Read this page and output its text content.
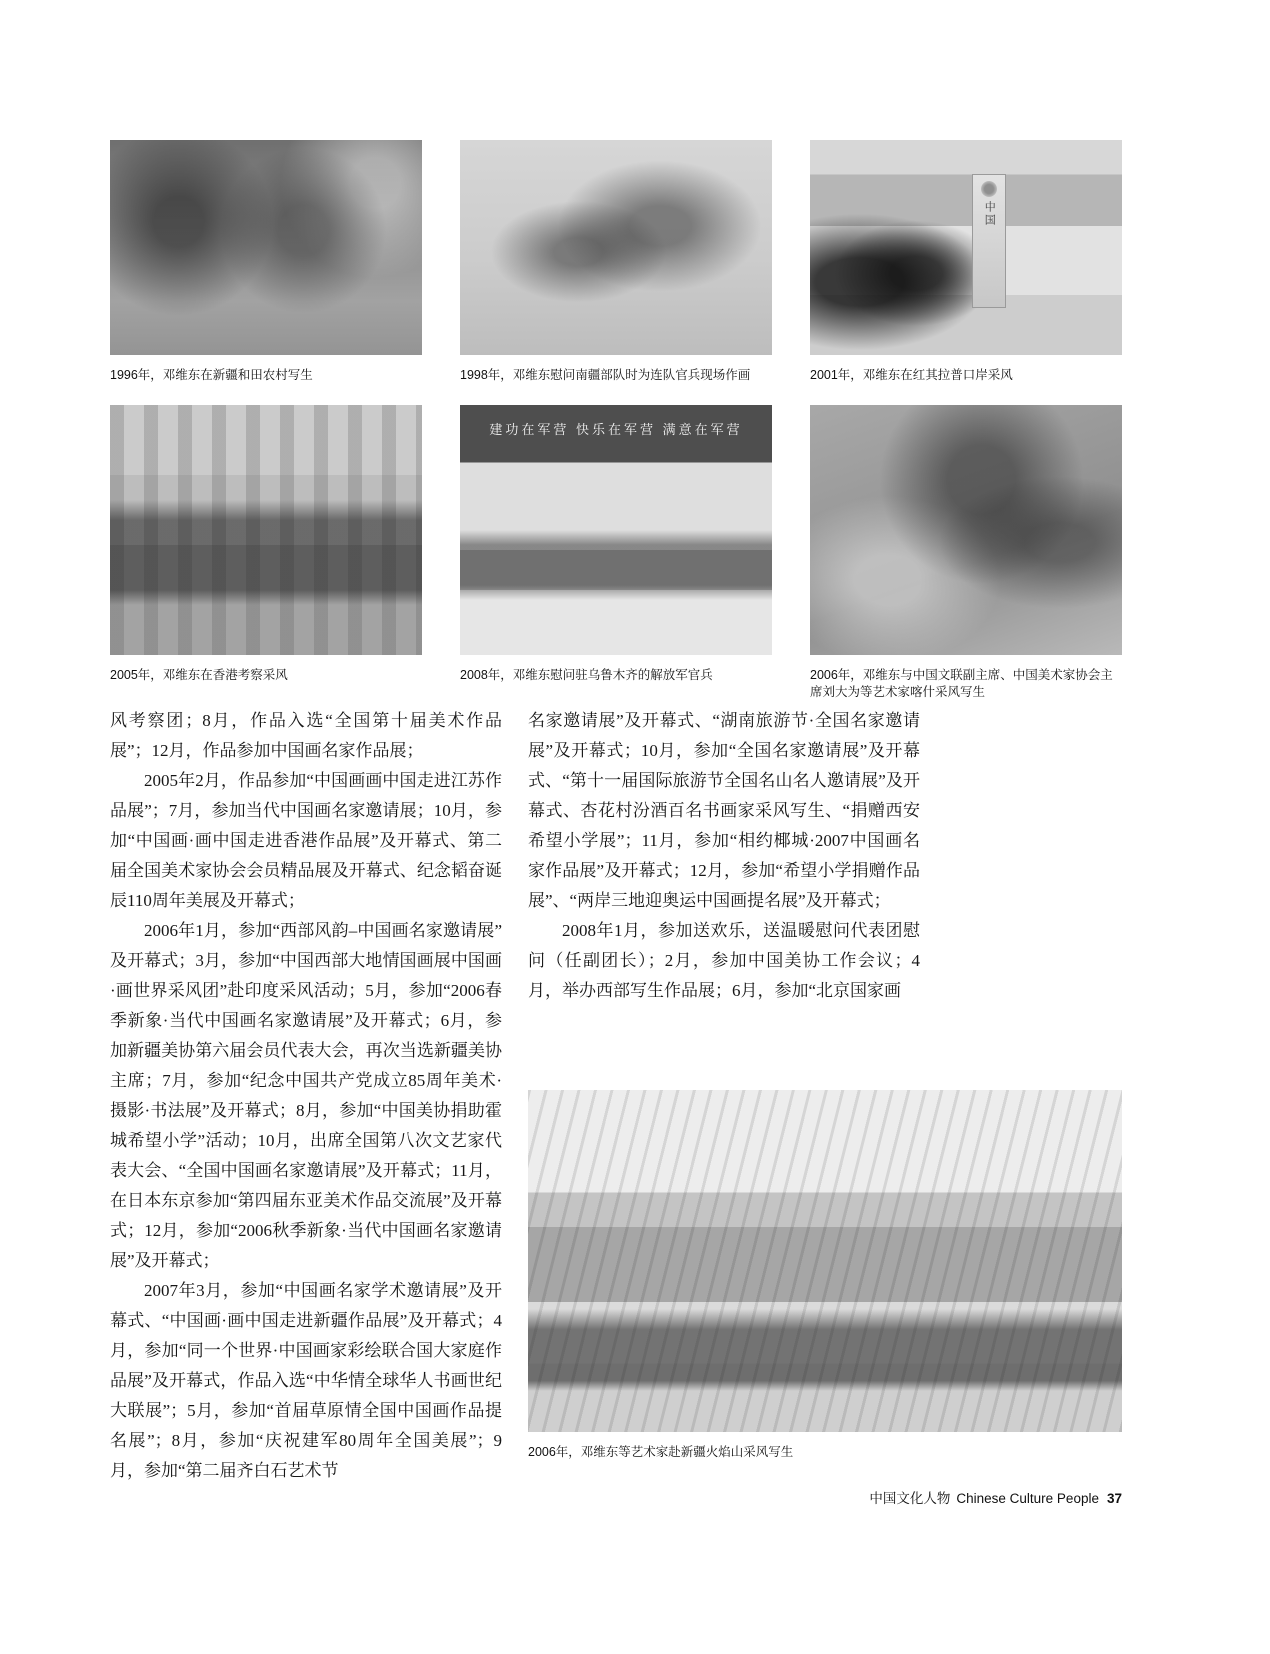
1996年，邓维东在新疆和田农村写生	1998年，邓维东慰问南疆部队时为连队官兵现场作画
中国
2001年，邓维东在红其拉普口岸采风
2005年，邓维东在香港考察采风
建功在军营 快乐在军营 满意在军营
2008年，邓维东慰问驻乌鲁木齐的解放军官兵	2006年，邓维东与中国文联副主席、中国美术家协会主席刘大为等艺术家喀什采风写生

风考察团；8月，作品入选“全国第十届美术作品展”；12月，作品参加中国画名家作品展；

2005年2月，作品参加“中国画画中国走进江苏作品展”；7月，参加当代中国画名家邀请展；10月，参加“中国画·画中国走进香港作品展”及开幕式、第二届全国美术家协会会员精品展及开幕式、纪念韬奋诞辰110周年美展及开幕式；

2006年1月，参加“西部风韵–中国画名家邀请展”及开幕式；3月，参加“中国西部大地情国画展中国画·画世界采风团”赴印度采风活动；5月，参加“2006春季新象·当代中国画名家邀请展”及开幕式；6月，参加新疆美协第六届会员代表大会，再次当选新疆美协主席；7月，参加“纪念中国共产党成立85周年美术·摄影·书法展”及开幕式；8月，参加“中国美协捐助霍城希望小学”活动；10月，出席全国第八次文艺家代表大会、“全国中国画名家邀请展”及开幕式；11月，在日本东京参加“第四届东亚美术作品交流展”及开幕式；12月，参加“2006秋季新象·当代中国画名家邀请展”及开幕式；

2007年3月，参加“中国画名家学术邀请展”及开幕式、“中国画·画中国走进新疆作品展”及开幕式；4月，参加“同一个世界·中国画家彩绘联合国大家庭作品展”及开幕式，作品入选“中华情全球华人书画世纪大联展”；5月，参加“首届草原情全国中国画作品提名展”；8月，参加“庆祝建军80周年全国美展”；9月，参加“第二届齐白石艺术节

名家邀请展”及开幕式、“湖南旅游节·全国名家邀请展”及开幕式；10月，参加“全国名家邀请展”及开幕式、“第十一届国际旅游节全国名山名人邀请展”及开幕式、杏花村汾酒百名书画家采风写生、“捐赠西安希望小学展”；11月，参加“相约椰城·2007中国画名家作品展”及开幕式；12月，参加“希望小学捐赠作品展”、“两岸三地迎奥运中国画提名展”及开幕式；

2008年1月，参加送欢乐，送温暖慰问代表团慰问（任副团长）；2月，参加中国美协工作会议；4月，举办西部写生作品展；6月，参加“北京国家画

2006年，邓维东等艺术家赴新疆火焰山采风写生
中国文化人物 Chinese Culture People 37
